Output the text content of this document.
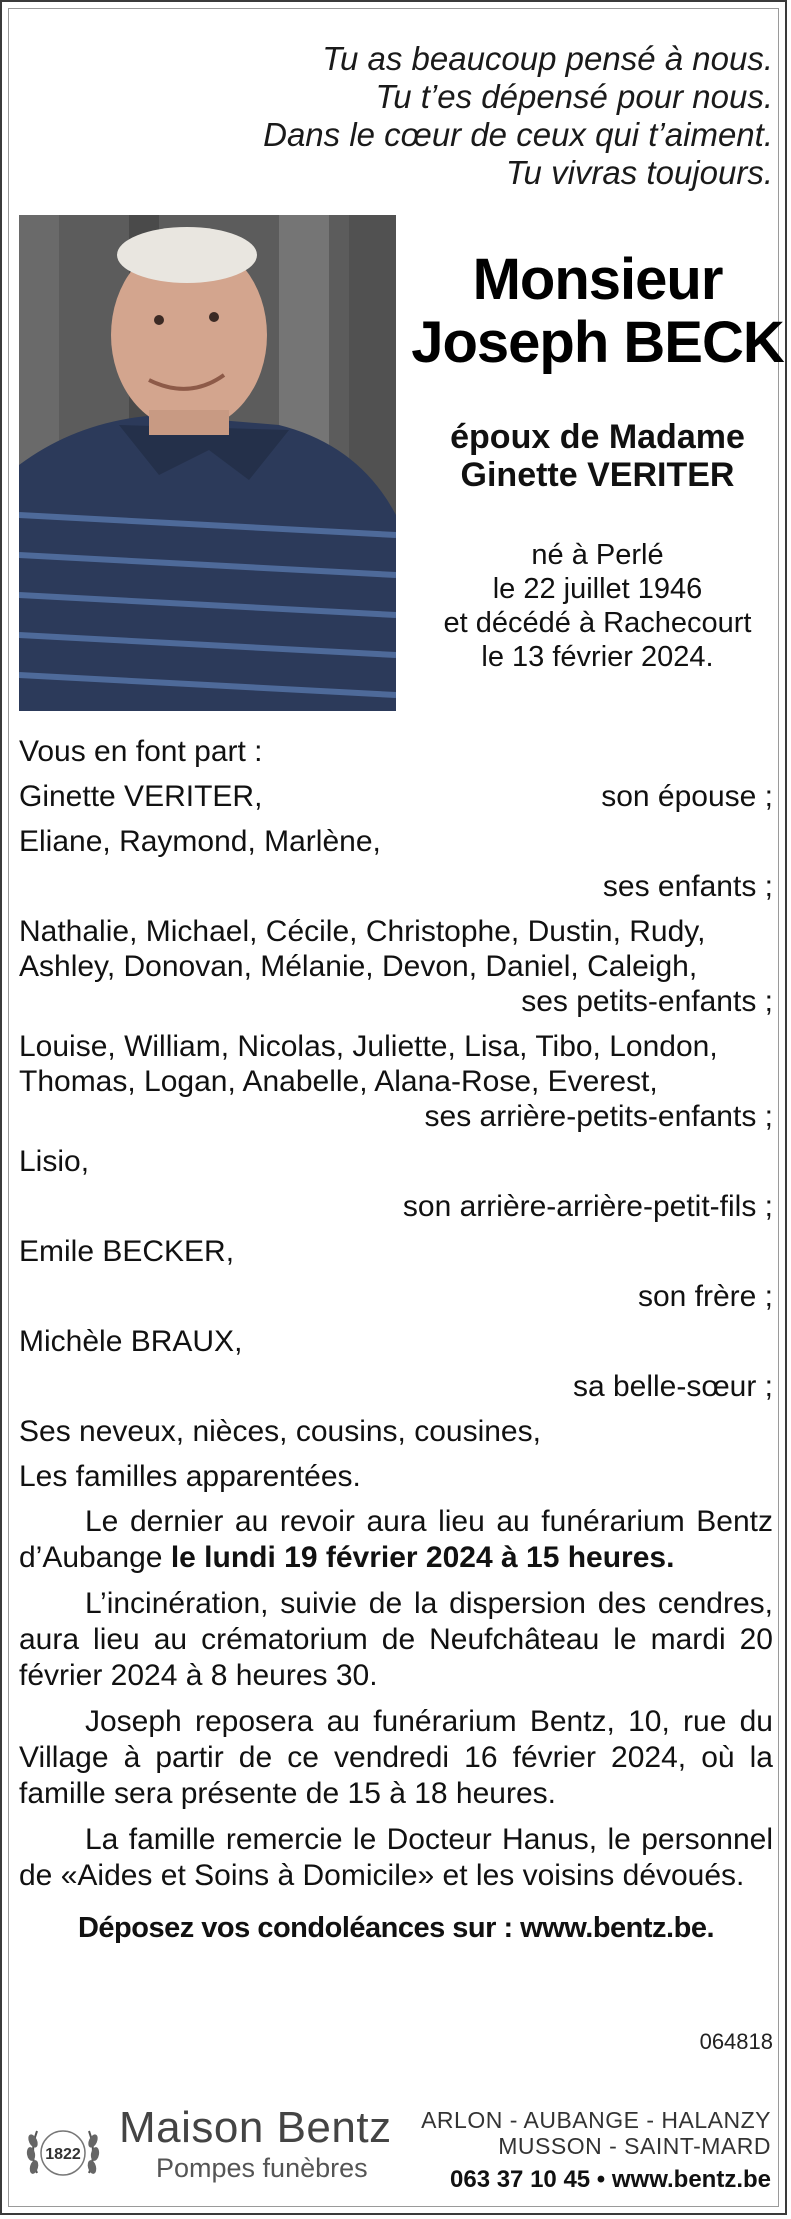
Tu as beaucoup pensé à nous.
Tu t’es dépensé pour nous.
Dans le cœur de ceux qui t’aiment.
Tu vivras toujours.
Monsieur
Joseph BECK
époux de Madame
Ginette VERITER
né à Perlé
le 22 juillet 1946
et décédé à Rachecourt
le 13 février 2024.
Vous en font part :
Ginette VERITER,	son épouse ;
Eliane, Raymond, Marlène,
ses enfants ;
Nathalie, Michael, Cécile, Christophe, Dustin, Rudy,
Ashley, Donovan, Mélanie, Devon, Daniel, Caleigh,
ses petits-enfants ;
Louise, William, Nicolas, Juliette, Lisa, Tibo, London,
Thomas, Logan, Anabelle, Alana-Rose, Everest,
ses arrière-petits-enfants ;
Lisio,
son arrière-arrière-petit-fils ;
Emile BECKER,
son frère ;
Michèle BRAUX,
sa belle-sœur ;
Ses neveux, nièces, cousins, cousines,
Les familles apparentées.
Le dernier au revoir aura lieu au funérarium Bentz d’Aubange le lundi 19 février 2024 à 15 heures.
L’incinération, suivie de la dispersion des cendres, aura lieu au crématorium de Neufchâteau le mardi 20 février 2024 à 8 heures 30.
Joseph reposera au funérarium Bentz, 10, rue du Village à partir de ce vendredi 16 février 2024, où la famille sera présente de 15 à 18 heures.
La famille remercie le Docteur Hanus, le personnel de «Aides et Soins à Domicile» et les voisins dévoués.
Déposez vos condoléances sur : www.bentz.be.
064818
1822
Maison Bentz
Pompes funèbres
ARLON - AUBANGE - HALANZY
MUSSON - SAINT-MARD
063 37 10 45 • www.bentz.be
